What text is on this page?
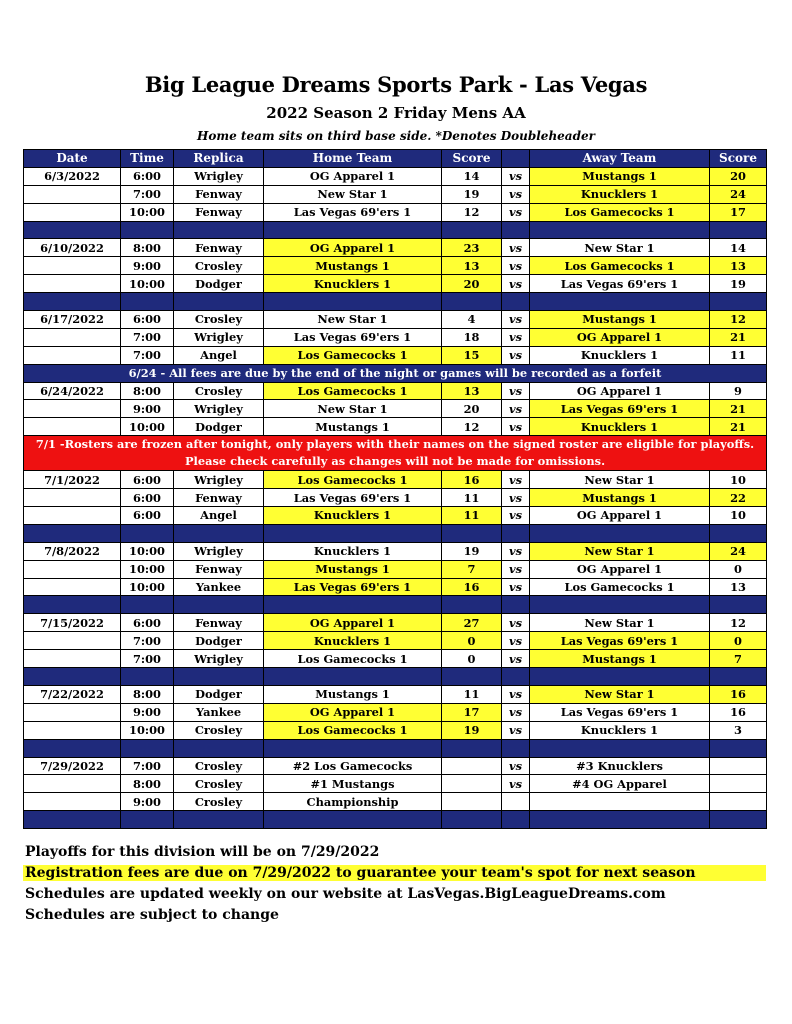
Big League Dreams Sports Park - Las Vegas
2022 Season 2 Friday Mens AA
Home team sits on third base side. *Denotes Doubleheader
Date	Time	Replica	Home Team	Score		Away Team	Score
6/3/2022	6:00	Wrigley	OG Apparel 1	14	vs	Mustangs 1	20
	7:00	Fenway	New Star 1	19	vs	Knucklers 1	24
	10:00	Fenway	Las Vegas 69'ers 1	12	vs	Los Gamecocks 1	17

6/10/2022	8:00	Fenway	OG Apparel 1	23	vs	New Star 1	14
	9:00	Crosley	Mustangs 1	13	vs	Los Gamecocks 1	13
	10:00	Dodger	Knucklers 1	20	vs	Las Vegas 69'ers 1	19

6/17/2022	6:00	Crosley	New Star 1	4	vs	Mustangs 1	12
	7:00	Wrigley	Las Vegas 69'ers 1	18	vs	OG Apparel 1	21
	7:00	Angel	Los Gamecocks 1	15	vs	Knucklers 1	11
6/24 - All fees are due by the end of the night or games will be recorded as a forfeit							
6/24/2022	8:00	Crosley	Los Gamecocks 1	13	vs	OG Apparel 1	9
	9:00	Wrigley	New Star 1	20	vs	Las Vegas 69'ers 1	21
	10:00	Dodger	Mustangs 1	12	vs	Knucklers 1	21

7/1 -Rosters are frozen after tonight, only players with their names on the signed roster are eligible for playoffs.
Please check carefully as changes will not be made for omissions.							

7/1/2022	6:00	Wrigley	Los Gamecocks 1	16	vs	New Star 1	10
	6:00	Fenway	Las Vegas 69'ers 1	11	vs	Mustangs 1	22
	6:00	Angel	Knucklers 1	11	vs	OG Apparel 1	10

7/8/2022	10:00	Wrigley	Knucklers 1	19	vs	New Star 1	24
	10:00	Fenway	Mustangs 1	7	vs	OG Apparel 1	0
	10:00	Yankee	Las Vegas 69'ers 1	16	vs	Los Gamecocks 1	13

7/15/2022	6:00	Fenway	OG Apparel 1	27	vs	New Star 1	12
	7:00	Dodger	Knucklers 1	0	vs	Las Vegas 69'ers 1	0
	7:00	Wrigley	Los Gamecocks 1	0	vs	Mustangs 1	7

7/22/2022	8:00	Dodger	Mustangs 1	11	vs	New Star 1	16
	9:00	Yankee	OG Apparel 1	17	vs	Las Vegas 69'ers 1	16
	10:00	Crosley	Los Gamecocks 1	19	vs	Knucklers 1	3

7/29/2022	7:00	Crosley	#2 Los Gamecocks		vs	#3 Knucklers	
	8:00	Crosley	#1 Mustangs		vs	#4 OG Apparel	
	9:00	Crosley	Championship				

Playoffs for this division will be on 7/29/2022
Registration fees are due on 7/29/2022 to guarantee your team's spot for next season
Schedules are updated weekly on our website at LasVegas.BigLeagueDreams.com
Schedules are subject to change
